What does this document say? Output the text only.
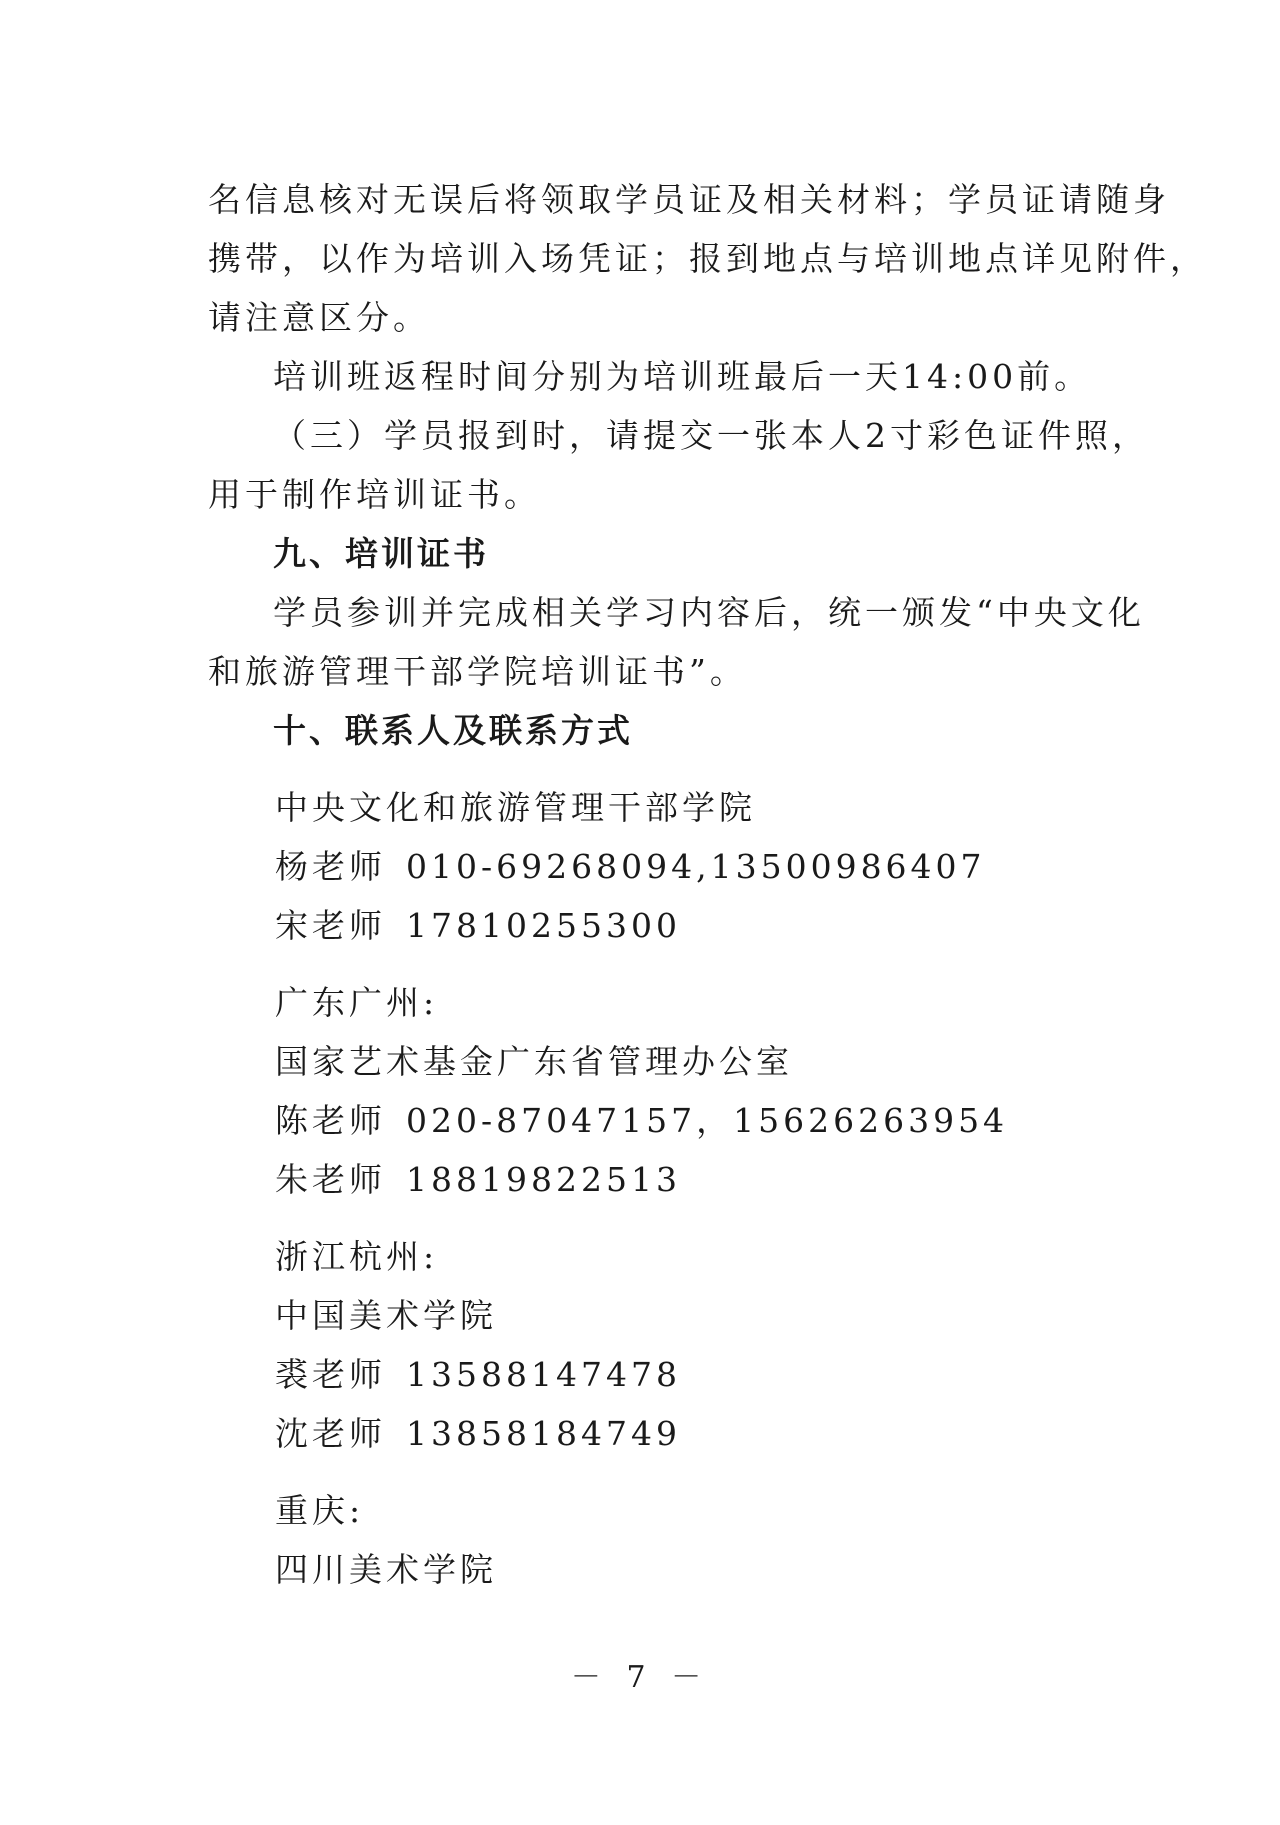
名信息核对无误后将领取学员证及相关材料；学员证请随身
携带，以作为培训入场凭证；报到地点与培训地点详见附件，
请注意区分。
培训班返程时间分别为培训班最后一天14:00前。
（三）学员报到时，请提交一张本人2寸彩色证件照，
用于制作培训证书。
九、培训证书
学员参训并完成相关学习内容后，统一颁发“中央文化
和旅游管理干部学院培训证书”。
十、联系人及联系方式
中央文化和旅游管理干部学院
杨老师 010-69268094,13500986407
宋老师 17810255300
广东广州:
国家艺术基金广东省管理办公室
陈老师 020-87047157，15626263954
朱老师 18819822513
浙江杭州:
中国美术学院
裘老师 13588147478
沈老师 13858184749
重庆:
四川美术学院
－ 7 －
